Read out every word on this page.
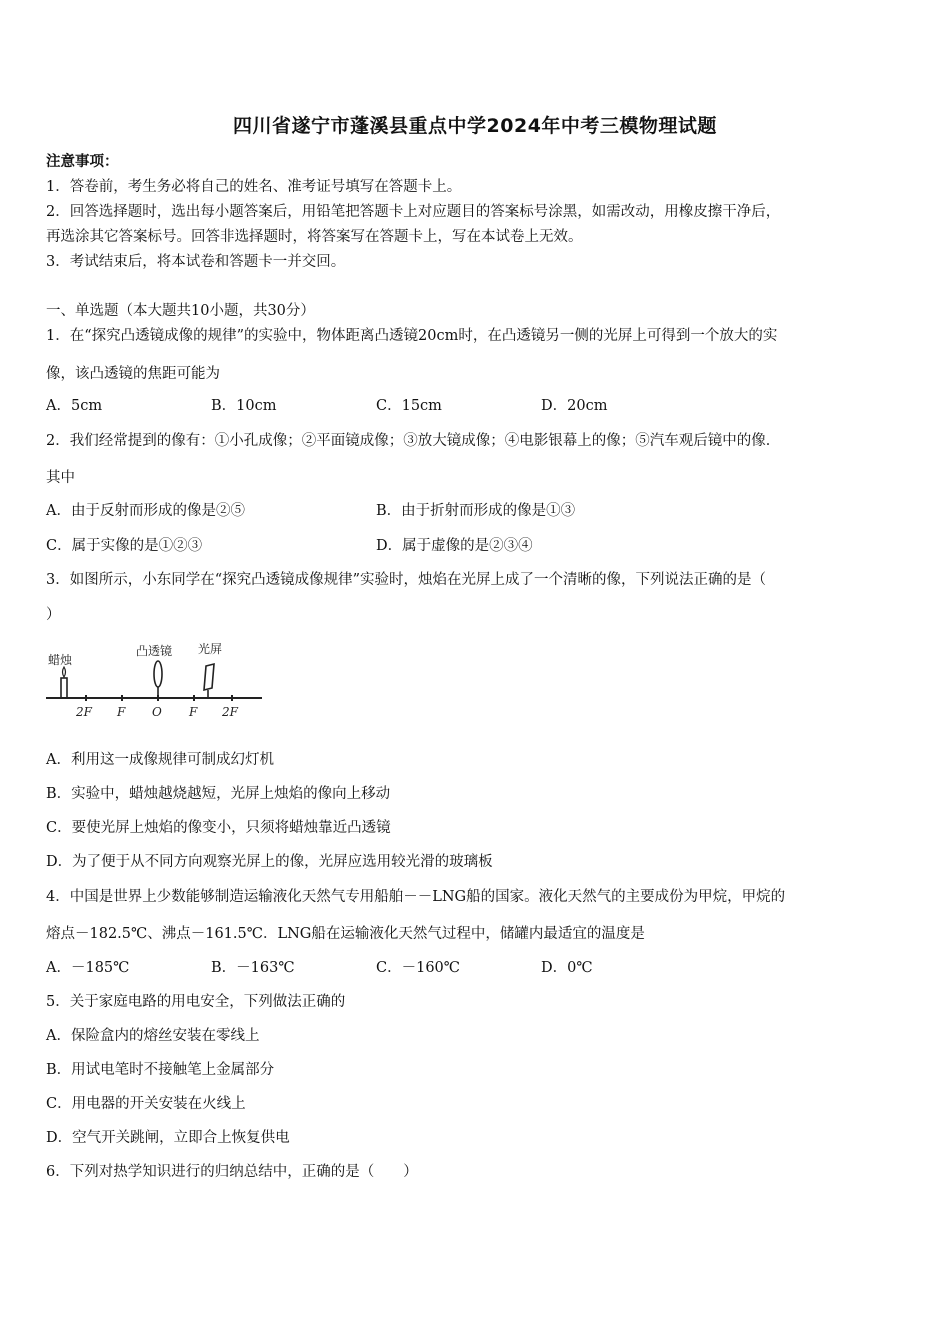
四川省遂宁市蓬溪县重点中学2024年中考三模物理试题
注意事项：
1．答卷前，考生务必将自己的姓名、准考证号填写在答题卡上。
2．回答选择题时，选出每小题答案后，用铅笔把答题卡上对应题目的答案标号涂黑，如需改动，用橡皮擦干净后，
再选涂其它答案标号。回答非选择题时，将答案写在答题卡上，写在本试卷上无效。
3．考试结束后，将本试卷和答题卡一并交回。
一、单选题（本大题共10小题，共30分）
1．在“探究凸透镜成像的规律”的实验中，物体距离凸透镜20cm时，在凸透镜另一侧的光屏上可得到一个放大的实
像，该凸透镜的焦距可能为
A．5cm	B．10cm	C．15cm	D．20cm
2．我们经常提到的像有：①小孔成像；②平面镜成像；③放大镜成像；④电影银幕上的像；⑤汽车观后镜中的像．
其中
A．由于反射而形成的像是②⑤	B．由于折射而形成的像是①③
C．属于实像的是①②③	D．属于虚像的是②③④
3．如图所示，小东同学在“探究凸透镜成像规律”实验时，烛焰在光屏上成了一个清晰的像，下列说法正确的是（
）
蜡烛
凸透镜 光屏
2F F O F 2F
A．利用这一成像规律可制成幻灯机
B．实验中，蜡烛越烧越短，光屏上烛焰的像向上移动
C．要使光屏上烛焰的像变小，只须将蜡烛靠近凸透镜
D．为了便于从不同方向观察光屏上的像，光屏应选用较光滑的玻璃板
4．中国是世界上少数能够制造运输液化天然气专用船舶－－LNG船的国家。液化天然气的主要成份为甲烷，甲烷的
熔点－182.5℃、沸点－161.5℃．LNG船在运输液化天然气过程中，储罐内最适宜的温度是
A．－185℃	B．－163℃	C．－160℃	D．0℃
5．关于家庭电路的用电安全，下列做法正确的
A．保险盒内的熔丝安装在零线上
B．用试电笔时不接触笔上金属部分
C．用电器的开关安装在火线上
D．空气开关跳闸，立即合上恢复供电
6．下列对热学知识进行的归纳总结中，正确的是（　　）
